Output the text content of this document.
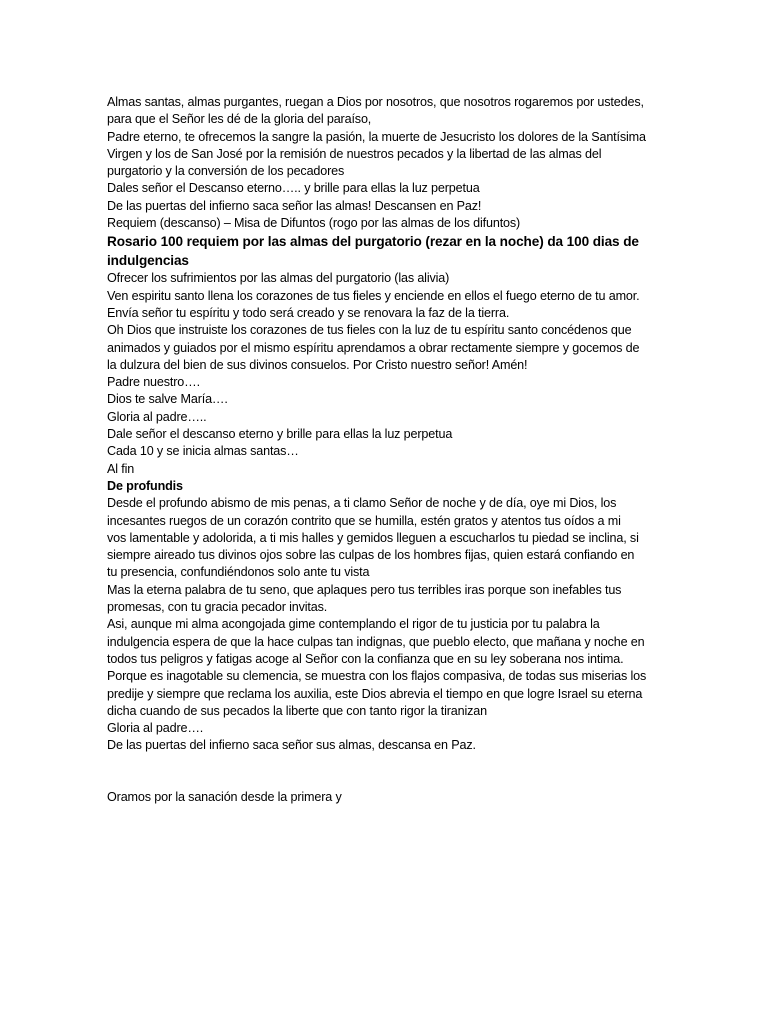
Almas santas, almas purgantes, ruegan a Dios por nosotros, que nosotros rogaremos por ustedes,
para que el Señor les dé de la gloria del paraíso,
Padre eterno, te ofrecemos la sangre la pasión, la muerte de Jesucristo los dolores de la Santísima
Virgen y los de San José por la remisión de nuestros pecados y la libertad de las almas del
purgatorio y la conversión de los pecadores
Dales señor el Descanso eterno….. y brille para ellas la luz perpetua
De las puertas del infierno saca señor las almas! Descansen en Paz!
Requiem (descanso) – Misa de Difuntos (rogo por las almas de los difuntos)
Rosario 100 requiem por las almas del purgatorio (rezar en la noche) da 100 dias de
indulgencias
Ofrecer los sufrimientos por las almas del purgatorio (las alivia)
Ven espiritu santo llena los corazones de tus fieles y enciende en ellos el fuego eterno de tu amor.
Envía señor tu espíritu y todo será creado y se renovara la faz de la tierra.
Oh Dios que instruiste los corazones de tus fieles con la luz de tu espíritu santo concédenos que
animados y guiados por el mismo espíritu aprendamos a obrar rectamente siempre y gocemos de
la dulzura del bien de sus divinos consuelos. Por Cristo nuestro señor! Amén!
Padre nuestro….
Dios te salve María….
Gloria al padre…..
Dale señor el descanso eterno y brille para ellas la luz perpetua
Cada 10 y se inicia almas santas…
Al fin
De profundis
Desde el profundo abismo de mis penas, a ti clamo Señor de noche y de día, oye mi Dios, los
incesantes ruegos de un corazón contrito que se humilla, estén gratos y atentos tus oídos a mi
vos lamentable y adolorida, a ti mis halles y gemidos lleguen a escucharlos tu piedad se inclina, si
siempre aireado tus divinos ojos sobre las culpas de los hombres fijas, quien estará confiando en
tu presencia, confundiéndonos solo ante tu vista
Mas la eterna palabra de tu seno, que aplaques pero tus terribles iras porque son inefables tus
promesas, con tu gracia pecador invitas.
Asi, aunque mi alma acongojada gime contemplando el rigor de tu justicia por tu palabra la
indulgencia espera de que la hace culpas tan indignas, que pueblo electo, que mañana y noche en
todos tus peligros y fatigas acoge al Señor con la confianza que en su ley soberana nos intima.
Porque es inagotable su clemencia, se muestra con los flajos compasiva, de todas sus miserias los
predije y siempre que reclama los auxilia, este Dios abrevia el tiempo en que logre Israel su eterna
dicha cuando de sus pecados la liberte que con tanto rigor la tiranizan
Gloria al padre….
De las puertas del infierno saca señor sus almas, descansa en Paz.
Oramos por la sanación desde la primera y
